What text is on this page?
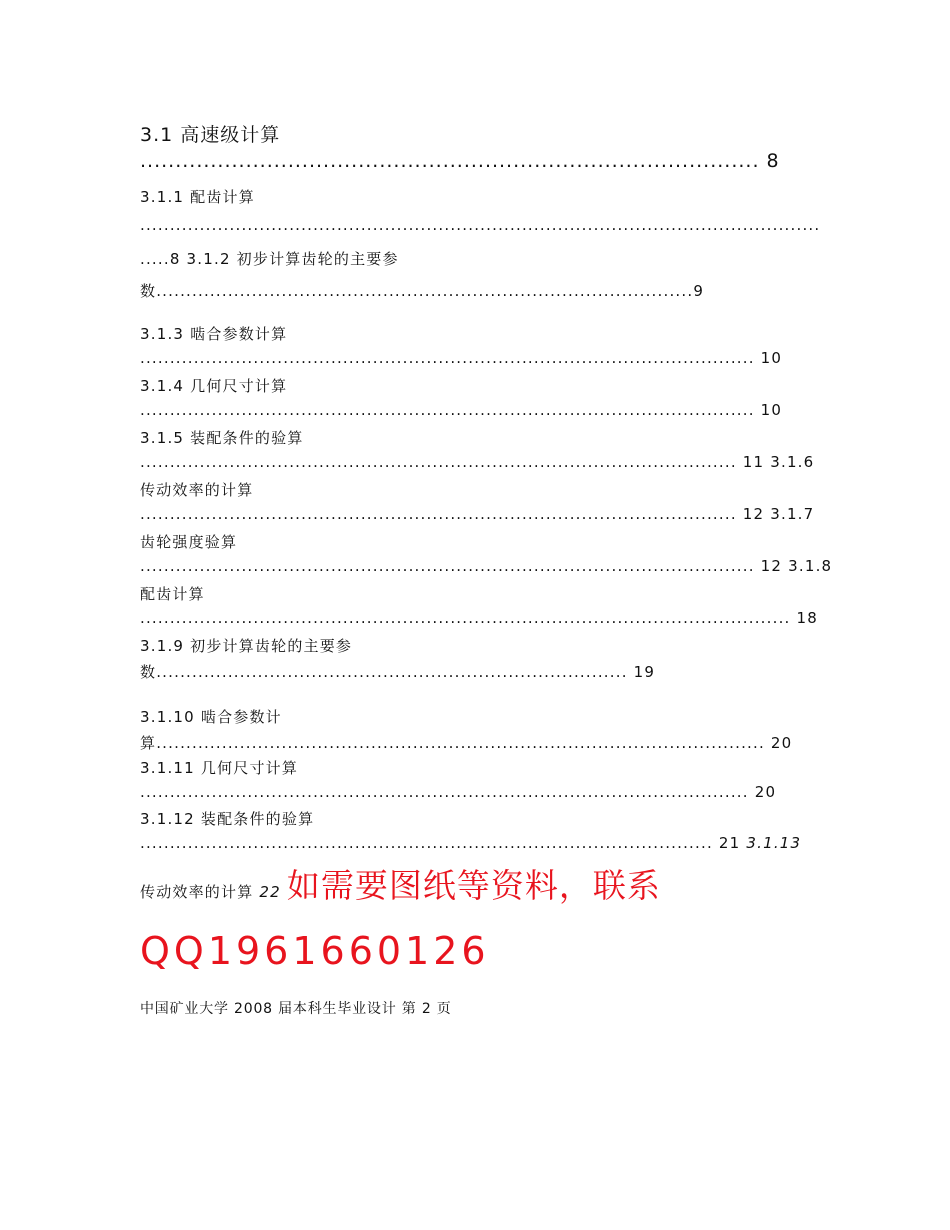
3.1 高速级计算
........................................................................................ 8
3.1.1 配齿计算
..................................................................................................................
.....8 3.1.2 初步计算齿轮的主要参
数..........................................................................................9
3.1.3 啮合参数计算
....................................................................................................... 10
3.1.4 几何尺寸计算
....................................................................................................... 10
3.1.5 装配条件的验算
.................................................................................................... 11 3.1.6
传动效率的计算
.................................................................................................... 12 3.1.7
齿轮强度验算
....................................................................................................... 12 3.1.8
配齿计算
............................................................................................................. 18
3.1.9 初步计算齿轮的主要参
数............................................................................... 19
3.1.10 啮合参数计
算...................................................................................................... 20
3.1.11 几何尺寸计算
...................................................................................................... 20
3.1.12 装配条件的验算
................................................................................................ 21 3.1.13
传动效率的计算 22 如需要图纸等资料，联系
QQ1961660126
中国矿业大学 2008 届本科生毕业设计 第 2 页
